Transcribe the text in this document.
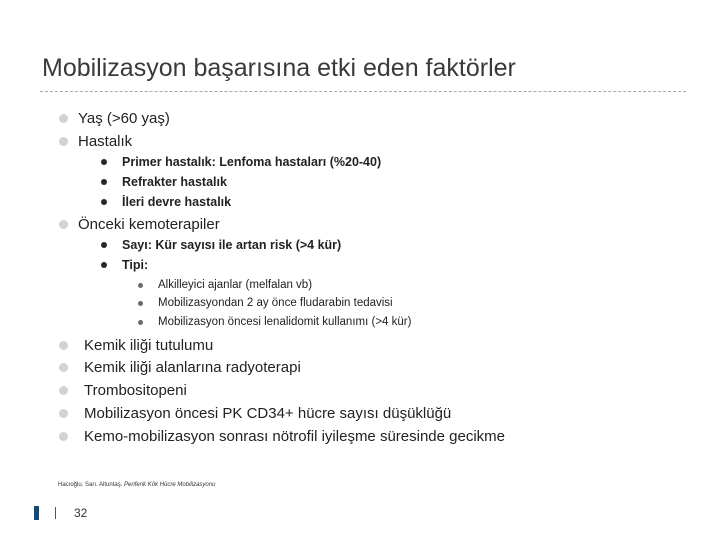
Mobilizasyon başarısına etki eden faktörler
Yaş (>60 yaş)
Hastalık
Primer hastalık: Lenfoma hastaları (%20-40)
Refrakter hastalık
İleri devre hastalık
Önceki kemoterapiler
Sayı: Kür sayısı ile artan risk (>4 kür)
Tipi:
Alkilleyici ajanlar (melfalan vb)
Mobilizasyondan 2 ay önce fludarabin tedavisi
Mobilizasyon öncesi lenalidomit kullanımı (>4 kür)
Kemik iliği tutulumu
Kemik iliği alanlarına radyoterapi
Trombositopeni
Mobilizasyon öncesi PK CD34+ hücre sayısı düşüklüğü
Kemo-mobilizasyon sonrası nötrofil iyileşme süresinde gecikme
Hacıoğlu. Sarı. Altuntaş. Periferik Kök Hücre Mobilizasyonu
32
